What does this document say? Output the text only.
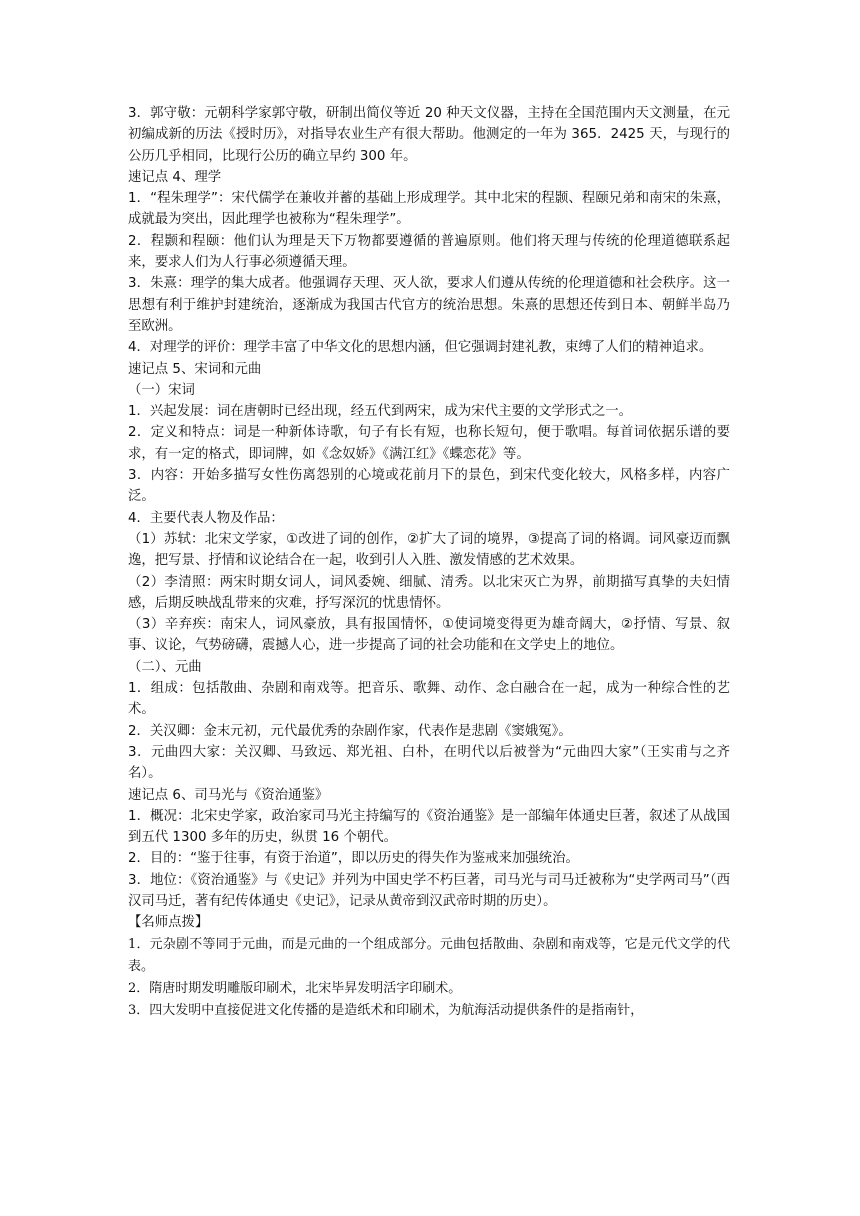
3．郭守敬：元朝科学家郭守敬，研制出简仪等近 20 种天文仪器，主持在全国范围内天文测量，在元初编成新的历法《授时历》，对指导农业生产有很大帮助。他测定的一年为 365．2425 天，与现行的公历几乎相同，比现行公历的确立早约 300 年。

速记点 4、理学

1．“程朱理学”：宋代儒学在兼收并蓄的基础上形成理学。其中北宋的程颢、程颐兄弟和南宋的朱熹，成就最为突出，因此理学也被称为“程朱理学”。

2．程颢和程颐：他们认为理是天下万物都要遵循的普遍原则。他们将天理与传统的伦理道德联系起来，要求人们为人行事必须遵循天理。

3．朱熹：理学的集大成者。他强调存天理、灭人欲，要求人们遵从传统的伦理道德和社会秩序。这一思想有利于维护封建统治，逐渐成为我国古代官方的统治思想。朱熹的思想还传到日本、朝鲜半岛乃至欧洲。

4．对理学的评价：理学丰富了中华文化的思想内涵，但它强调封建礼教，束缚了人们的精神追求。

速记点 5、宋词和元曲

（一）宋词

1．兴起发展：词在唐朝时已经出现，经五代到两宋，成为宋代主要的文学形式之一。

2．定义和特点：词是一种新体诗歌，句子有长有短，也称长短句，便于歌唱。每首词依据乐谱的要求，有一定的格式，即词牌，如《念奴娇》《满江红》《蝶恋花》等。

3．内容：开始多描写女性伤离怨别的心境或花前月下的景色，到宋代变化较大，风格多样，内容广泛。

4．主要代表人物及作品：

（1）苏轼：北宋文学家，①改进了词的创作，②扩大了词的境界，③提高了词的格调。词风豪迈而飘逸，把写景、抒情和议论结合在一起，收到引人入胜、激发情感的艺术效果。

（2）李清照：两宋时期女词人，词风委婉、细腻、清秀。以北宋灭亡为界，前期描写真挚的夫妇情感，后期反映战乱带来的灾难，抒写深沉的忧患情怀。

（3）辛弃疾：南宋人，词风豪放，具有报国情怀，①使词境变得更为雄奇阔大，②抒情、写景、叙事、议论，气势磅礴，震撼人心，进一步提高了词的社会功能和在文学史上的地位。

（二）、元曲

1．组成：包括散曲、杂剧和南戏等。把音乐、歌舞、动作、念白融合在一起，成为一种综合性的艺术。

2．关汉卿：金末元初，元代最优秀的杂剧作家，代表作是悲剧《窦娥冤》。

3．元曲四大家：关汉卿、马致远、郑光祖、白朴，在明代以后被誉为“元曲四大家”（王实甫与之齐名）。

速记点 6、司马光与《资治通鉴》

1．概况：北宋史学家，政治家司马光主持编写的《资治通鉴》是一部编年体通史巨著，叙述了从战国到五代 1300 多年的历史，纵贯 16 个朝代。

2．目的：“鉴于往事，有资于治道”，即以历史的得失作为鉴戒来加强统治。

3．地位：《资治通鉴》与《史记》并列为中国史学不朽巨著，司马光与司马迁被称为“史学两司马”（西汉司马迁，著有纪传体通史《史记》，记录从黄帝到汉武帝时期的历史）。

【名师点拨】

1．元杂剧不等同于元曲，而是元曲的一个组成部分。元曲包括散曲、杂剧和南戏等，它是元代文学的代表。

2．隋唐时期发明雕版印刷术，北宋毕昇发明活字印刷术。

3．四大发明中直接促进文化传播的是造纸术和印刷术，为航海活动提供条件的是指南针，
